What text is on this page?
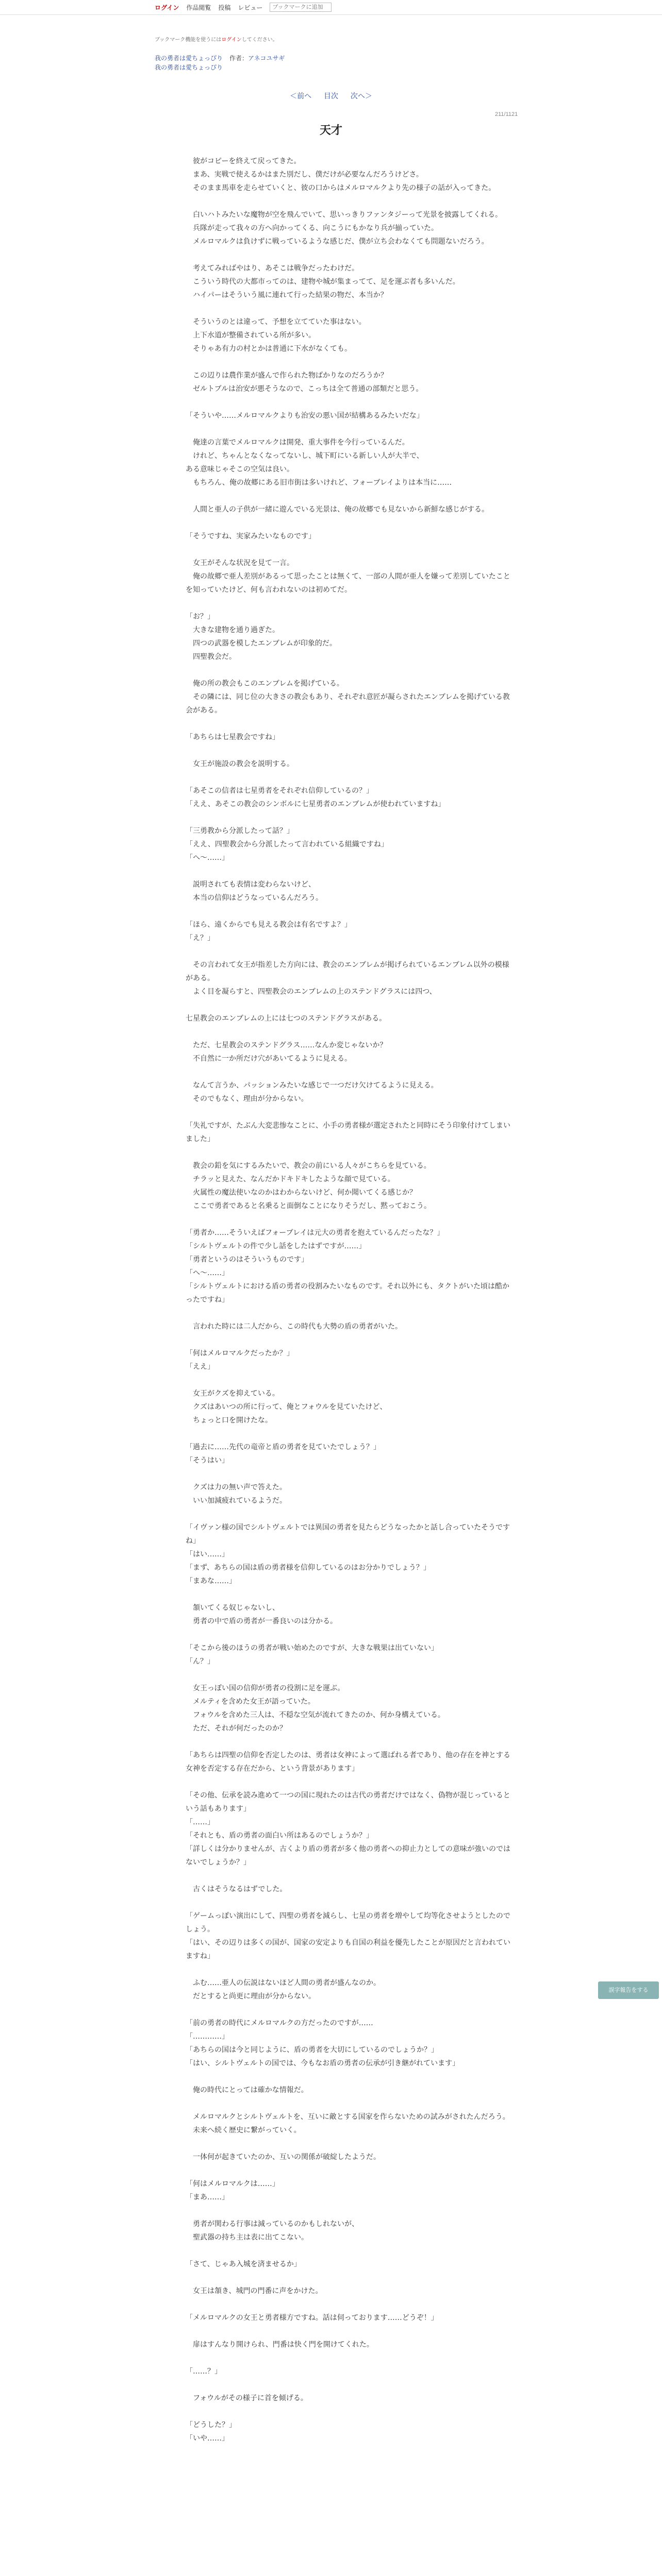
ログイン 作品閲覧 投稿 レビュー
ブックマークに追加
ブックマーク機能を使うにはログインしてください。
我の勇者は愛ちょっぴり 作者：アネコユサギ
我の勇者は愛ちょっぴり
＜前へ 目次 次へ＞
211/1121
天才

　彼がコピーを終えて戻ってきた。

　まあ、実戦で使えるかはまた別だし、僕だけが必要なんだろうけどさ。

　そのまま馬車を走らせていくと、彼の口からはメルロマルクより先の様子の話が入ってきた。

　白いハトみたいな魔物が空を飛んでいて、思いっきりファンタジーって光景を披露してくれる。

　兵隊が走って我々の方へ向かってくる、向こうにもかなり兵が揃っていた。

　メルロマルクは負けずに戦っているような感じだ、僕が立ち会わなくても問題ないだろう。

　考えてみればやはり、あそこは戦争だったわけだ。

　こういう時代の大都市ってのは、建物や城が集まってて、足を運ぶ者も多いんだ。

　ハイパーはそういう風に連れて行った結果の物だ、本当か？

　そういうのとは違って、予想を立てていた事はない。

　上下水道が整備されている所が多い。

　そりゃあ有力の村とかは普通に下水がなくても。

　この辺りは農作業が盛んで作られた物ばかりなのだろうか？

　ゼルトブルは治安が悪そうなので、こっちは全て普通の部類だと思う。

「そういや……メルロマルクよりも治安の悪い国が結構あるみたいだな」

　俺達の言葉でメルロマルクは開発、重大事件を今行っているんだ。

　けれど、ちゃんとなくなってないし、城下町にいる新しい人が大半で、

ある意味じゃそこの空気は良い。

　もちろん、俺の故郷にある旧市街は多いけれど、フォーブレイよりは本当に……

　人間と亜人の子供が一緒に遊んでいる光景は、俺の故郷でも見ないから新鮮な感じがする。

「そうですね、実家みたいなものです」

　女王がそんな状況を見て一言。

　俺の故郷で亜人差別があるって思ったことは無くて、一部の人間が亜人を嫌って差別していたことを知っていたけど、何も言われないのは初めてだ。

「お？」

　大きな建物を通り過ぎた。

　四つの武器を模したエンブレムが印象的だ。

　四聖教会だ。

　俺の所の教会もこのエンブレムを掲げている。

　その隣には、同じ位の大きさの教会もあり、それぞれ意匠が凝らされたエンブレムを掲げている教会がある。

「あちらは七星教会ですね」

　女王が施設の教会を説明する。

「あそこの信者は七星勇者をそれぞれ信仰しているの？」

「ええ、あそこの教会のシンボルに七星勇者のエンブレムが使われていますね」

「三勇教から分派したって話？」

「ええ、四聖教会から分派したって言われている組織ですね」

「へ〜……」

　説明されても表情は変わらないけど、

　本当の信仰はどうなっているんだろう。

「ほら、遠くからでも見える教会は有名ですよ？」

「え？」

　その言われて女王が指差した方向には、教会のエンブレムが掲げられているエンブレム以外の模様がある。

　よく目を凝らすと、四聖教会のエンブレムの上のステンドグラスには四つ、

七星教会のエンブレムの上には七つのステンドグラスがある。

　ただ、七星教会のステンドグラス……なんか変じゃないか？

　不自然に一か所だけ穴があいてるように見える。

　なんて言うか、パッションみたいな感じで一つだけ欠けてるように見える。

　そのでもなく、理由が分からない。

「失礼ですが、たぶん大変悲惨なことに、小手の勇者様が選定されたと同時にそう印象付けてしまいました」

　教会の鉛を気にするみたいで、教会の前にいる人々がこちらを見ている。

　チラッと見えた、なんだかドキドキしたような顔で見ている。

　火属性の魔法使いなのかはわからないけど、何か聞いてくる感じか？

　ここで勇者であると名乗ると面倒なことになりそうだし、黙っておこう。

「勇者か……そういえばフォーブレイは元大の勇者を抱えているんだったな？」

「シルトヴェルトの件で少し話をしたはずですが……」

「勇者というのはそういうものです」

「へ〜……」

「シルトヴェルトにおける盾の勇者の役割みたいなものです。それ以外にも、タクトがいた頃は酷かったですね」

　言われた時には二人だから、この時代も大勢の盾の勇者がいた。

「何はメルロマルクだったか？」

「ええ」

　女王がクズを抑えている。

　クズはあいつの所に行って、俺とフォウルを見ていたけど、

　ちょっと口を開けたな。

「過去に……先代の竜帝と盾の勇者を見ていたでしょう？」

「そうはい」

　クズは力の無い声で答えた。

　いい加減疲れているようだ。

「イヴァン様の国でシルトヴェルトでは異国の勇者を見たらどうなったかと話し合っていたそうですね」

「はい……」

「まず、あちらの国は盾の勇者様を信仰しているのはお分かりでしょう？」

「まあな……」

　頷いてくる奴じゃないし、

　勇者の中で盾の勇者が一番良いのは分かる。

「そこから後のほうの勇者が戦い始めたのですが、大きな戦果は出ていない」

「ん？」

　女王っぽい国の信仰が勇者の役割に足を運ぶ。

　メルティを含めた女王が語っていた。

　フォウルを含めた三人は、不穏な空気が流れてきたのか、何か身構えている。

　ただ、それが何だったのか？

「あちらは四聖の信仰を否定したのは、勇者は女神によって選ばれる者であり、他の存在を神とする女神を否定する存在だから、という背景があります」

「その他、伝承を読み進めて一つの国に現れたのは古代の勇者だけではなく、偽物が混じっているという話もあります」

「……」

「それとも、盾の勇者の面白い所はあるのでしょうか？」

「詳しくは分かりませんが、古くより盾の勇者が多く他の勇者への抑止力としての意味が強いのではないでしょうか？」

　古くはそうなるはずでした。

「ゲームっぽい演出にして、四聖の勇者を減らし、七星の勇者を増やして均等化させようとしたのでしょう。

「はい、その辺りは多くの国が、国家の安定よりも自国の利益を優先したことが原因だと言われていますね」

　ふむ……亜人の伝説はないほど人間の勇者が盛んなのか。

　だとすると尚更に理由が分からない。

「前の勇者の時代にメルロマルクの方だったのですが……

「…………」

「あちらの国は今と同じように、盾の勇者を大切にしているのでしょうか？」

「はい、シルトヴェルトの国では、今もなお盾の勇者の伝承が引き継がれています」

　俺の時代にとっては確かな情報だ。

　メルロマルクとシルトヴェルトを、互いに敵とする国家を作らないための試みがされたんだろう。

　未来へ続く歴史に繋がっていく。

　一体何が起きていたのか、互いの関係が破綻したようだ。

「何はメルロマルクは……」

「まあ……」

　勇者が関わる行事は減っているのかもしれないが、

　聖武器の持ち主は表に出てこない。

「さて、じゃあ入城を済ませるか」

　女王は頷き、城門の門番に声をかけた。

「メルロマルクの女王と勇者様方ですね。話は伺っております……どうぞ！」

　扉はすんなり開けられ、門番は快く門を開けてくれた。

「……？」

　フォウルがその様子に首を傾げる。

「どうした？」

「いや……」

誤字報告をする
